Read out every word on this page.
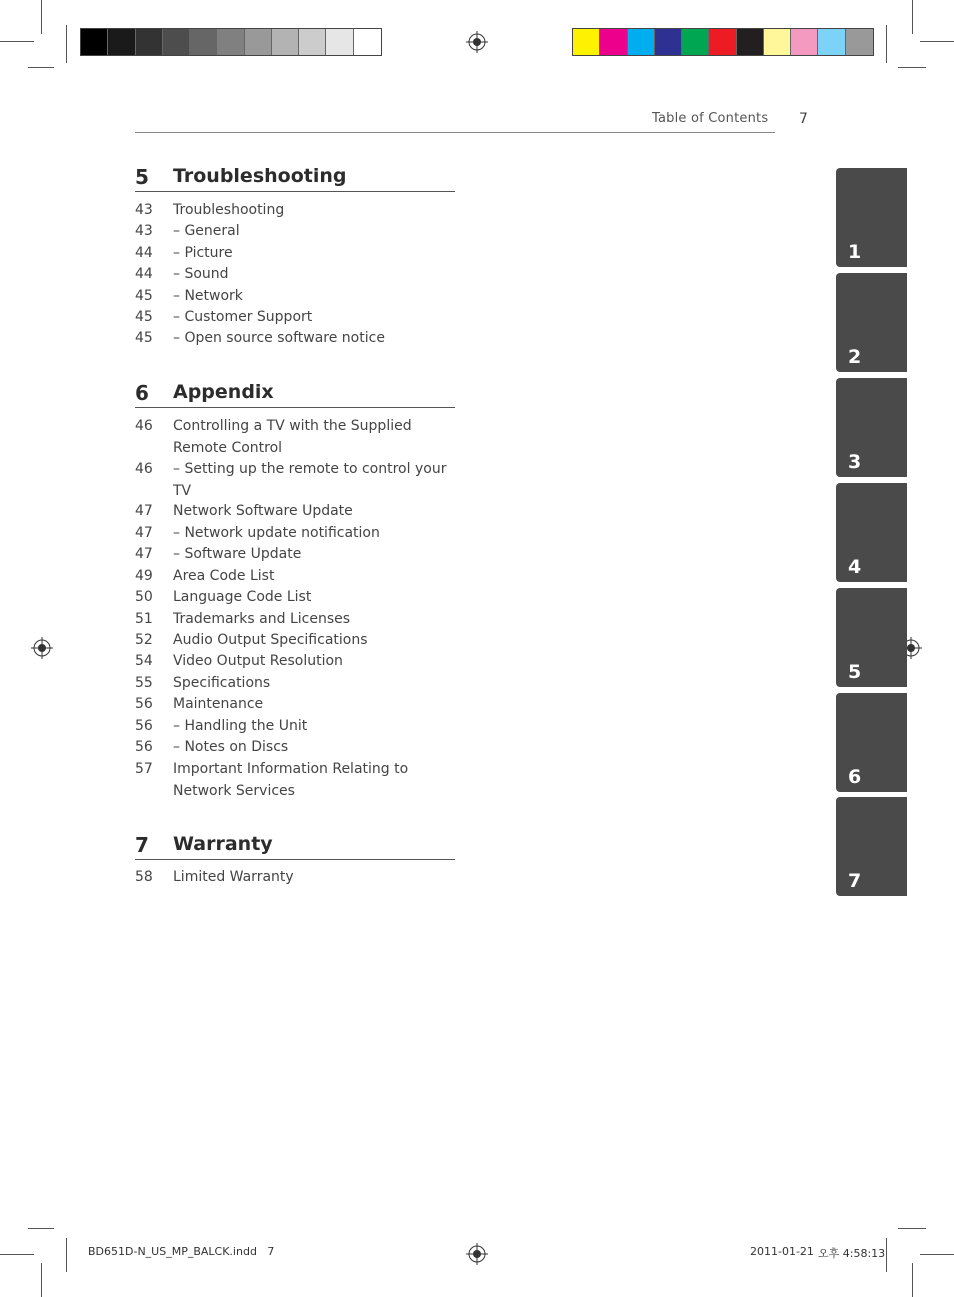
Table of Contents 7
5 Troubleshooting
43 Troubleshooting
43 – General
44 – Picture
44 – Sound
45 – Network
45 – Customer Support
45 – Open source software notice
6 Appendix
46 Controlling a TV with the Supplied Remote Control
46 – Setting up the remote to control your TV
47 Network Software Update
47 – Network update notification
47 – Software Update
49 Area Code List
50 Language Code List
51 Trademarks and Licenses
52 Audio Output Specifications
54 Video Output Resolution
55 Specifications
56 Maintenance
56 – Handling the Unit
56 – Notes on Discs
57 Important Information Relating to Network Services
7 Warranty
58 Limited Warranty
1
2
3
4
5
6
7
BD651D-N_US_MP_BALCK.indd   7	2011-01-21 오후 4:58:13
